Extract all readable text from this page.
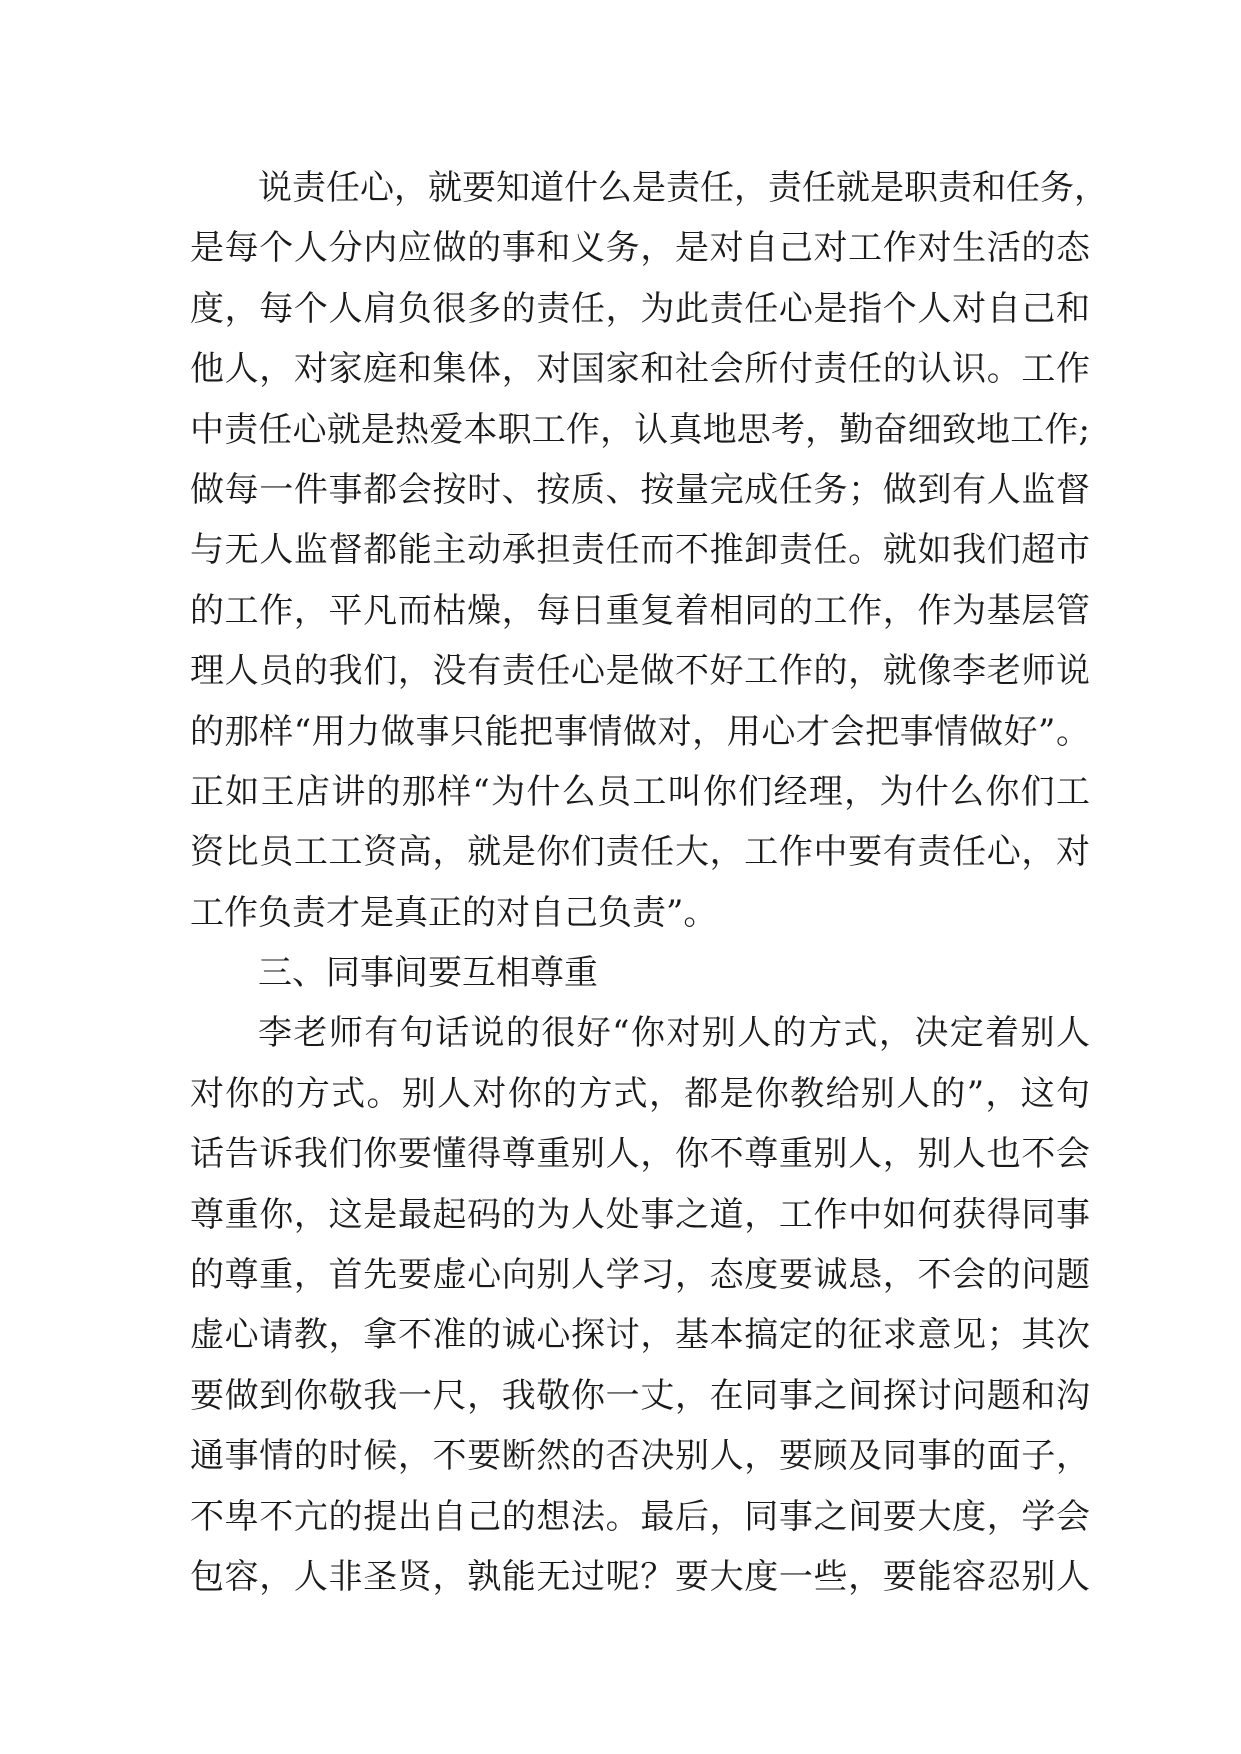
说责任心，就要知道什么是责任，责任就是职责和任务，
是每个人分内应做的事和义务，是对自己对工作对生活的态
度，每个人肩负很多的责任，为此责任心是指个人对自己和
他人，对家庭和集体，对国家和社会所付责任的认识。工作
中责任心就是热爱本职工作，认真地思考，勤奋细致地工作;
做每一件事都会按时、按质、按量完成任务；做到有人监督
与无人监督都能主动承担责任而不推卸责任。就如我们超市
的工作，平凡而枯燥，每日重复着相同的工作，作为基层管
理人员的我们，没有责任心是做不好工作的，就像李老师说
的那样“用力做事只能把事情做对，用心才会把事情做好”。
正如王店讲的那样“为什么员工叫你们经理，为什么你们工
资比员工工资高，就是你们责任大，工作中要有责任心，对
工作负责才是真正的对自己负责”。
三、同事间要互相尊重
李老师有句话说的很好“你对别人的方式，决定着别人
对你的方式。别人对你的方式，都是你教给别人的”，这句
话告诉我们你要懂得尊重别人，你不尊重别人，别人也不会
尊重你，这是最起码的为人处事之道，工作中如何获得同事
的尊重，首先要虚心向别人学习，态度要诚恳，不会的问题
虚心请教，拿不准的诚心探讨，基本搞定的征求意见；其次
要做到你敬我一尺，我敬你一丈，在同事之间探讨问题和沟
通事情的时候，不要断然的否决别人，要顾及同事的面子，
不卑不亢的提出自己的想法。最后，同事之间要大度，学会
包容，人非圣贤，孰能无过呢？要大度一些，要能容忍别人
